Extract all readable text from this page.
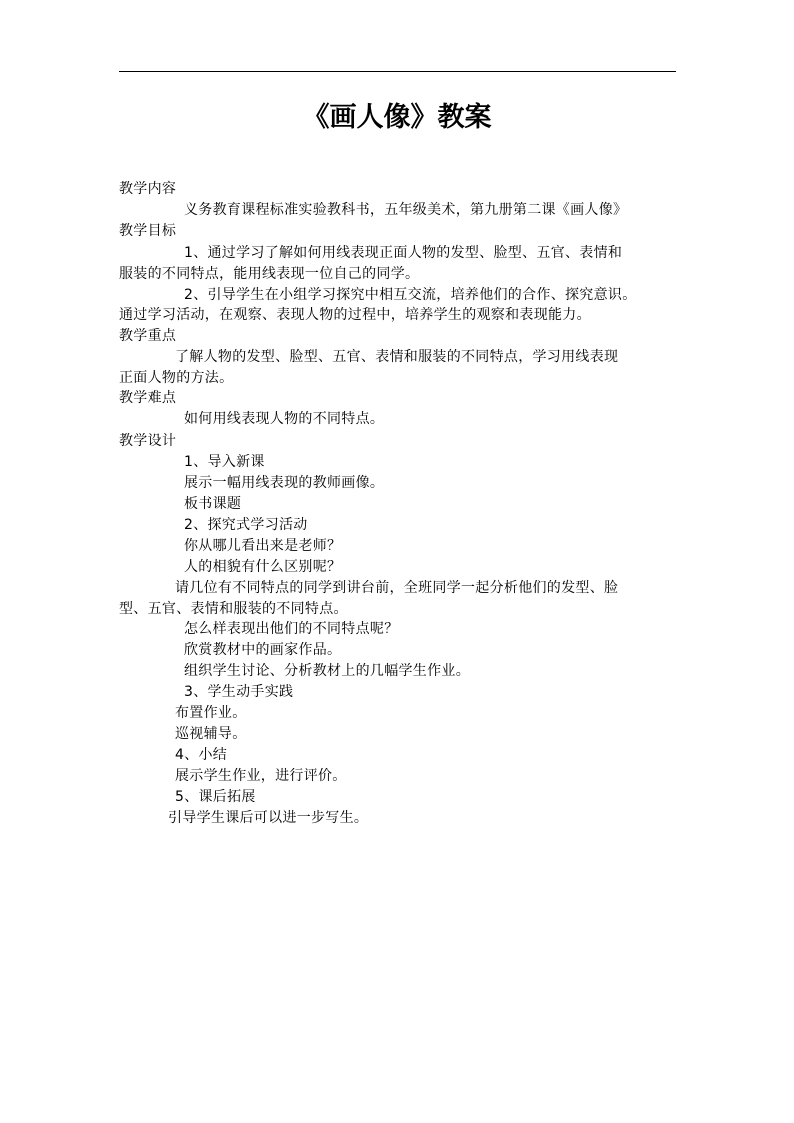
《画人像》教案
教学内容
义务教育课程标准实验教科书，五年级美术，第九册第二课《画人像》
教学目标
1、通过学习了解如何用线表现正面人物的发型、脸型、五官、表情和
服装的不同特点，能用线表现一位自己的同学。
2、引导学生在小组学习探究中相互交流，培养他们的合作、探究意识。
通过学习活动，在观察、表现人物的过程中，培养学生的观察和表现能力。
教学重点
了解人物的发型、脸型、五官、表情和服装的不同特点，学习用线表现
正面人物的方法。
教学难点
如何用线表现人物的不同特点。
教学设计
1、导入新课
展示一幅用线表现的教师画像。
板书课题
2、探究式学习活动
你从哪儿看出来是老师？
人的相貌有什么区别呢？
请几位有不同特点的同学到讲台前，全班同学一起分析他们的发型、脸
型、五官、表情和服装的不同特点。
怎么样表现出他们的不同特点呢？
欣赏教材中的画家作品。
组织学生讨论、分析教材上的几幅学生作业。
3、学生动手实践
布置作业。
巡视辅导。
4、小结
展示学生作业，进行评价。
5、课后拓展
引导学生课后可以进一步写生。
